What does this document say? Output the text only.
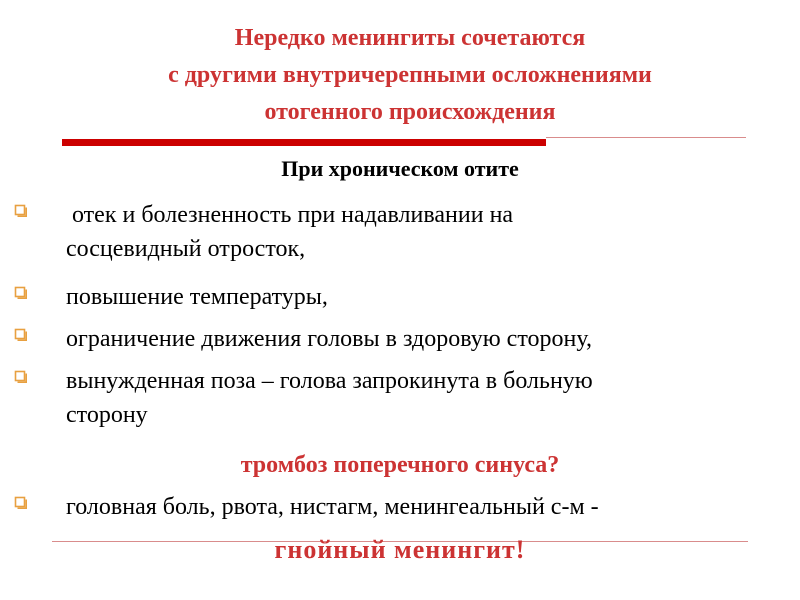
Нередко менингиты сочетаются
с другими внутричерепными осложнениями
отогенного происхождения
При хроническом отите
отек и болезненность при надавливании на
сосцевидный отросток,
повышение температуры,
ограничение движения головы в здоровую сторону,
вынужденная поза – голова запрокинута в больную
сторону
тромбоз поперечного синуса?
головная боль, рвота, нистагм, менингеальный с-м -
гнойный менингит!
